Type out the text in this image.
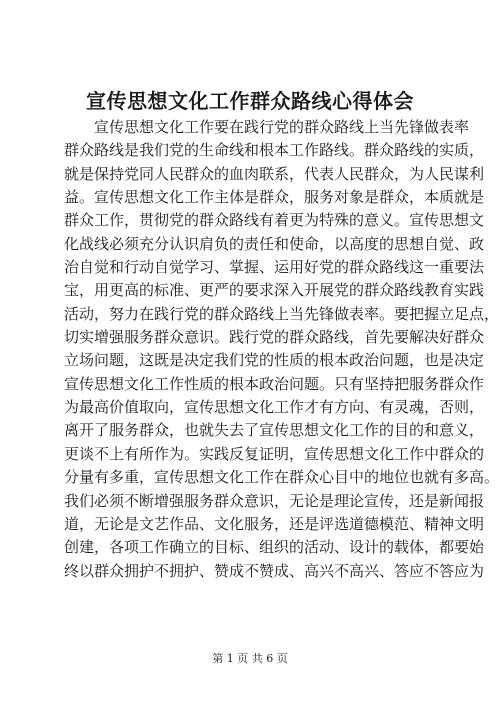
宣传思想文化工作群众路线心得体会
宣传思想文化工作要在践行党的群众路线上当先锋做表率
群众路线是我们党的生命线和根本工作路线。群众路线的实质，
就是保持党同人民群众的血肉联系，代表人民群众，为人民谋利
益。宣传思想文化工作主体是群众，服务对象是群众，本质就是
群众工作，贯彻党的群众路线有着更为特殊的意义。宣传思想文
化战线必须充分认识肩负的责任和使命，以高度的思想自觉、政
治自觉和行动自觉学习、掌握、运用好党的群众路线这一重要法
宝，用更高的标准、更严的要求深入开展党的群众路线教育实践
活动，努力在践行党的群众路线上当先锋做表率。要把握立足点，
切实增强服务群众意识。践行党的群众路线，首先要解决好群众
立场问题，这既是决定我们党的性质的根本政治问题，也是决定
宣传思想文化工作性质的根本政治问题。只有坚持把服务群众作
为最高价值取向，宣传思想文化工作才有方向、有灵魂，否则，
离开了服务群众，也就失去了宣传思想文化工作的目的和意义，
更谈不上有所作为。实践反复证明，宣传思想文化工作中群众的
分量有多重，宣传思想文化工作在群众心目中的地位也就有多高。
我们必须不断增强服务群众意识，无论是理论宣传，还是新闻报
道，无论是文艺作品、文化服务，还是评选道德模范、精神文明
创建，各项工作确立的目标、组织的活动、设计的载体，都要始
终以群众拥护不拥护、赞成不赞成、高兴不高兴、答应不答应为
第 1 页 共 6 页
